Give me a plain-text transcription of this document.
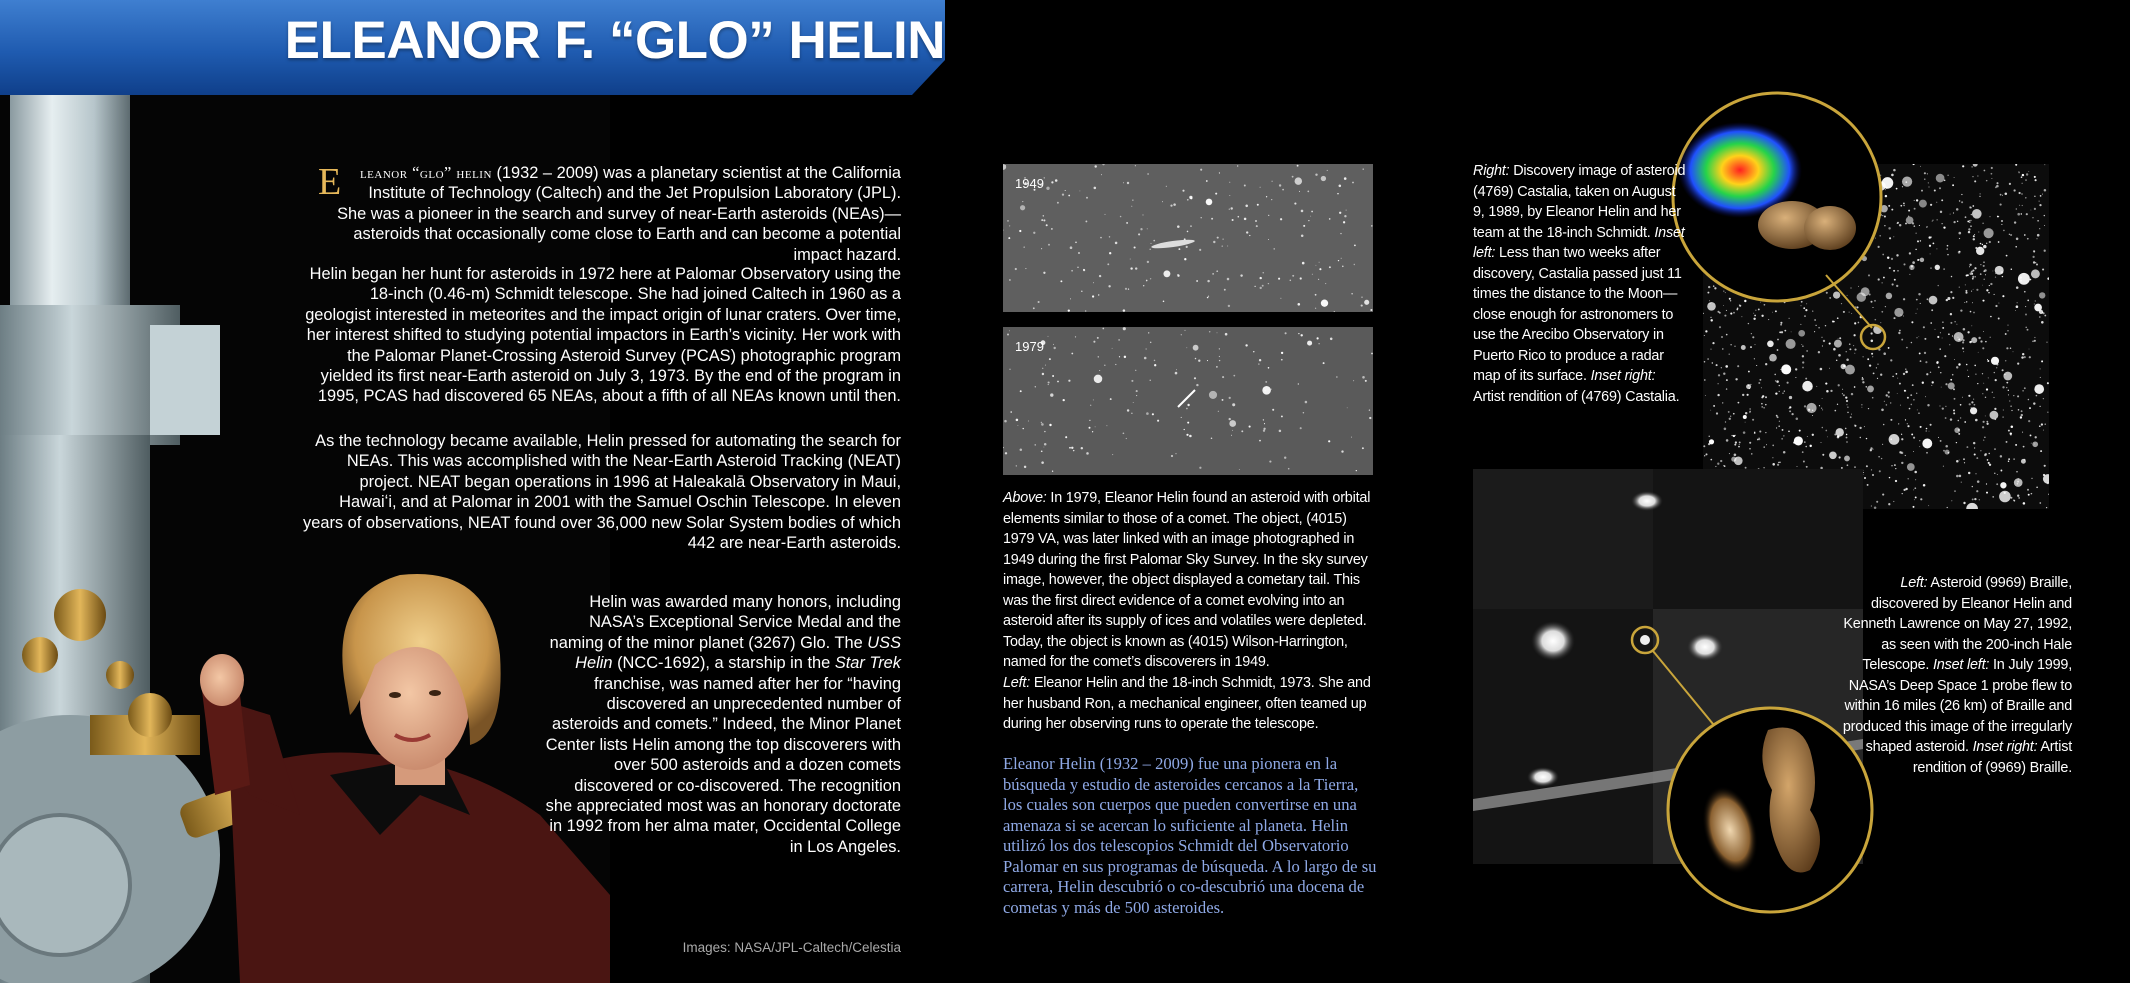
ELEANOR F. “GLO” HELIN
E leanor “glo” helin (1932 – 2009) was a planetary scientist at the California Institute of Technology (Caltech) and the Jet Propulsion Laboratory (JPL). She was a pioneer in the search and survey of near-Earth asteroids (NEAs)—asteroids that occasionally come close to Earth and can become a potential impact hazard.
Helin began her hunt for asteroids in 1972 here at Palomar Observatory using the 18-inch (0.46-m) Schmidt telescope. She had joined Caltech in 1960 as a geologist interested in meteorites and the impact origin of lunar craters. Over time, her interest shifted to studying potential impactors in Earth’s vicinity. Her work with the Palomar Planet-Crossing Asteroid Survey (PCAS) photographic program yielded its first near-Earth asteroid on July 3, 1973. By the end of the program in 1995, PCAS had discovered 65 NEAs, about a fifth of all NEAs known until then.
As the technology became available, Helin pressed for automating the search for NEAs. This was accomplished with the Near-Earth Asteroid Tracking (NEAT) project. NEAT began operations in 1996 at Haleakalā Observatory in Maui, Hawaiʻi, and at Palomar in 2001 with the Samuel Oschin Telescope. In eleven years of observations, NEAT found over 36,000 new Solar System bodies of which 442 are near-Earth asteroids.
Helin was awarded many honors, including NASA’s Exceptional Service Medal and the naming of the minor planet (3267) Glo. The USS Helin (NCC-1692), a starship in the Star Trek franchise, was named after her for “having discovered an unprecedented number of asteroids and comets.” Indeed, the Minor Planet Center lists Helin among the top discoverers with over 500 asteroids and a dozen comets discovered or co-discovered. The recognition she appreciated most was an honorary doctorate in 1992 from her alma mater, Occidental College in Los Angeles.
Images: NASA/JPL-Caltech/Celestia
1949
1979
Above: In 1979, Eleanor Helin found an asteroid with orbital elements similar to those of a comet. The object, (4015) 1979 VA, was later linked with an image photographed in 1949 during the first Palomar Sky Survey. In the sky survey image, however, the object displayed a cometary tail. This was the first direct evidence of a comet evolving into an asteroid after its supply of ices and volatiles were depleted. Today, the object is known as (4015) Wilson-Harrington, named for the comet’s discoverers in 1949.
Left: Eleanor Helin and the 18-inch Schmidt, 1973. She and her husband Ron, a mechanical engineer, often teamed up during her observing runs to operate the telescope.
Eleanor Helin (1932 – 2009) fue una pionera en la búsqueda y estudio de asteroides cercanos a la Tierra, los cuales son cuerpos que pueden convertirse en una amenaza si se acercan lo suficiente al planeta. Helin utilizó los dos telescopios Schmidt del Observatorio Palomar en sus programas de búsqueda. A lo largo de su carrera, Helin descubrió o co-descubrió una docena de cometas y más de 500 asteroides.
Right: Discovery image of asteroid (4769) Castalia, taken on August 9, 1989, by Eleanor Helin and her team at the 18-inch Schmidt. Inset left: Less than two weeks after discovery, Castalia passed just 11 times the distance to the Moon—close enough for astronomers to use the Arecibo Observatory in Puerto Rico to produce a radar map of its surface. Inset right: Artist rendition of (4769) Castalia.
Left: Asteroid (9969) Braille, discovered by Eleanor Helin and Kenneth Lawrence on May 27, 1992, as seen with the 200-inch Hale Telescope. Inset left: In July 1999, NASA’s Deep Space 1 probe flew to within 16 miles (26 km) of Braille and produced this image of the irregularly shaped asteroid. Inset right: Artist rendition of (9969) Braille.
